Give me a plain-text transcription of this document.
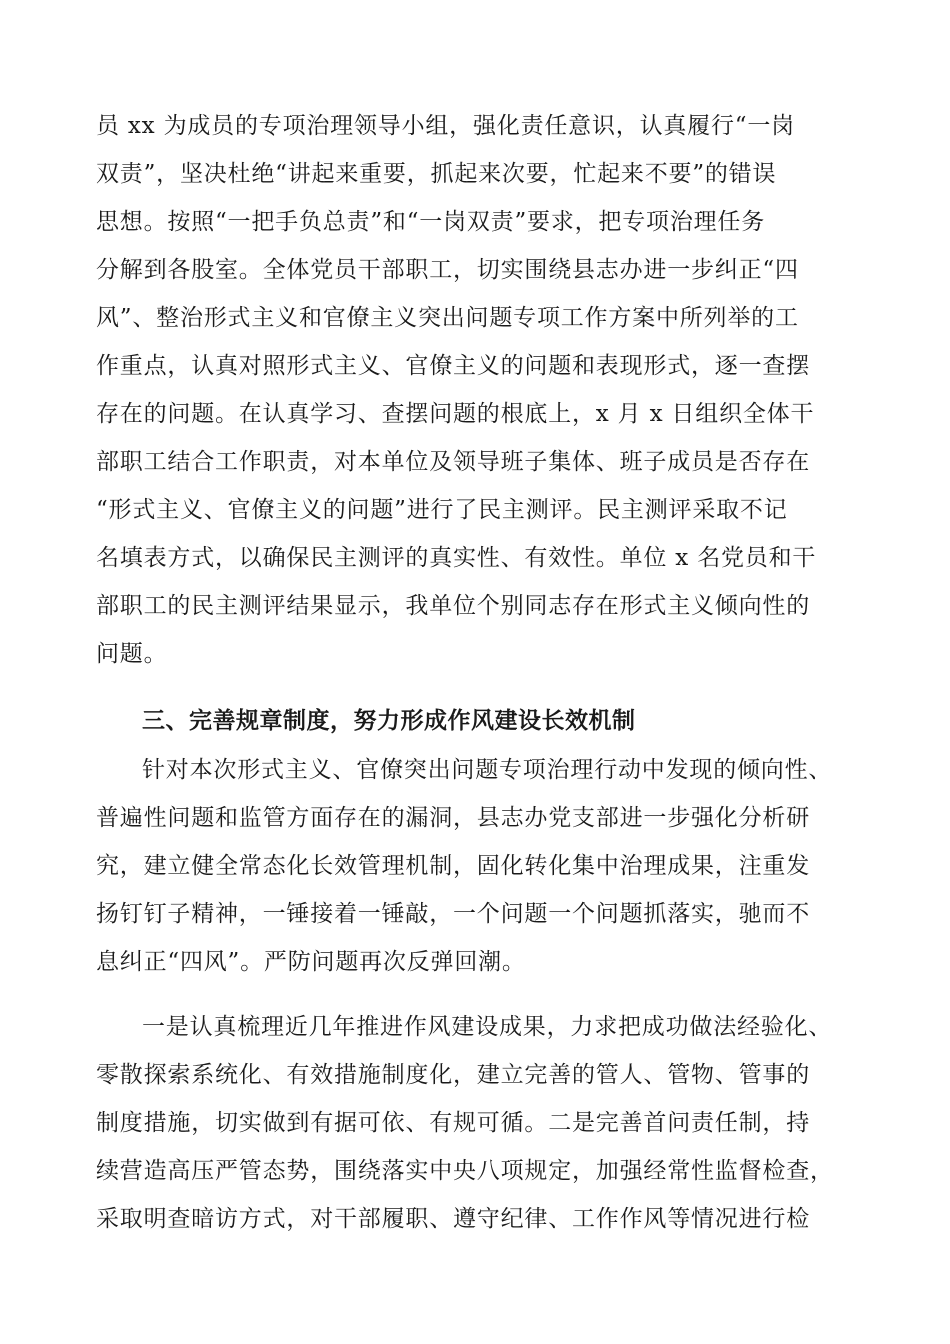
员 xx 为成员的专项治理领导小组，强化责任意识，认真履行“一岗
双责”，坚决杜绝“讲起来重要，抓起来次要，忙起来不要”的错误
思想。按照“一把手负总责”和“一岗双责”要求，把专项治理任务
分解到各股室。全体党员干部职工，切实围绕县志办进一步纠正“四
风”、整治形式主义和官僚主义突出问题专项工作方案中所列举的工
作重点，认真对照形式主义、官僚主义的问题和表现形式，逐一查摆
存在的问题。在认真学习、查摆问题的根底上，x 月 x 日组织全体干
部职工结合工作职责，对本单位及领导班子集体、班子成员是否存在
“形式主义、官僚主义的问题”进行了民主测评。民主测评采取不记
名填表方式，以确保民主测评的真实性、有效性。单位 x 名党员和干
部职工的民主测评结果显示，我单位个别同志存在形式主义倾向性的
问题。
三、完善规章制度，努力形成作风建设长效机制
针对本次形式主义、官僚突出问题专项治理行动中发现的倾向性、
普遍性问题和监管方面存在的漏洞，县志办党支部进一步强化分析研
究，建立健全常态化长效管理机制，固化转化集中治理成果，注重发
扬钉钉子精神，一锤接着一锤敲，一个问题一个问题抓落实，驰而不
息纠正“四风”。严防问题再次反弹回潮。
一是认真梳理近几年推进作风建设成果，力求把成功做法经验化、
零散探索系统化、有效措施制度化，建立完善的管人、管物、管事的
制度措施，切实做到有据可依、有规可循。二是完善首问责任制，持
续营造高压严管态势，围绕落实中央八项规定，加强经常性监督检查，
采取明查暗访方式，对干部履职、遵守纪律、工作作风等情况进行检
